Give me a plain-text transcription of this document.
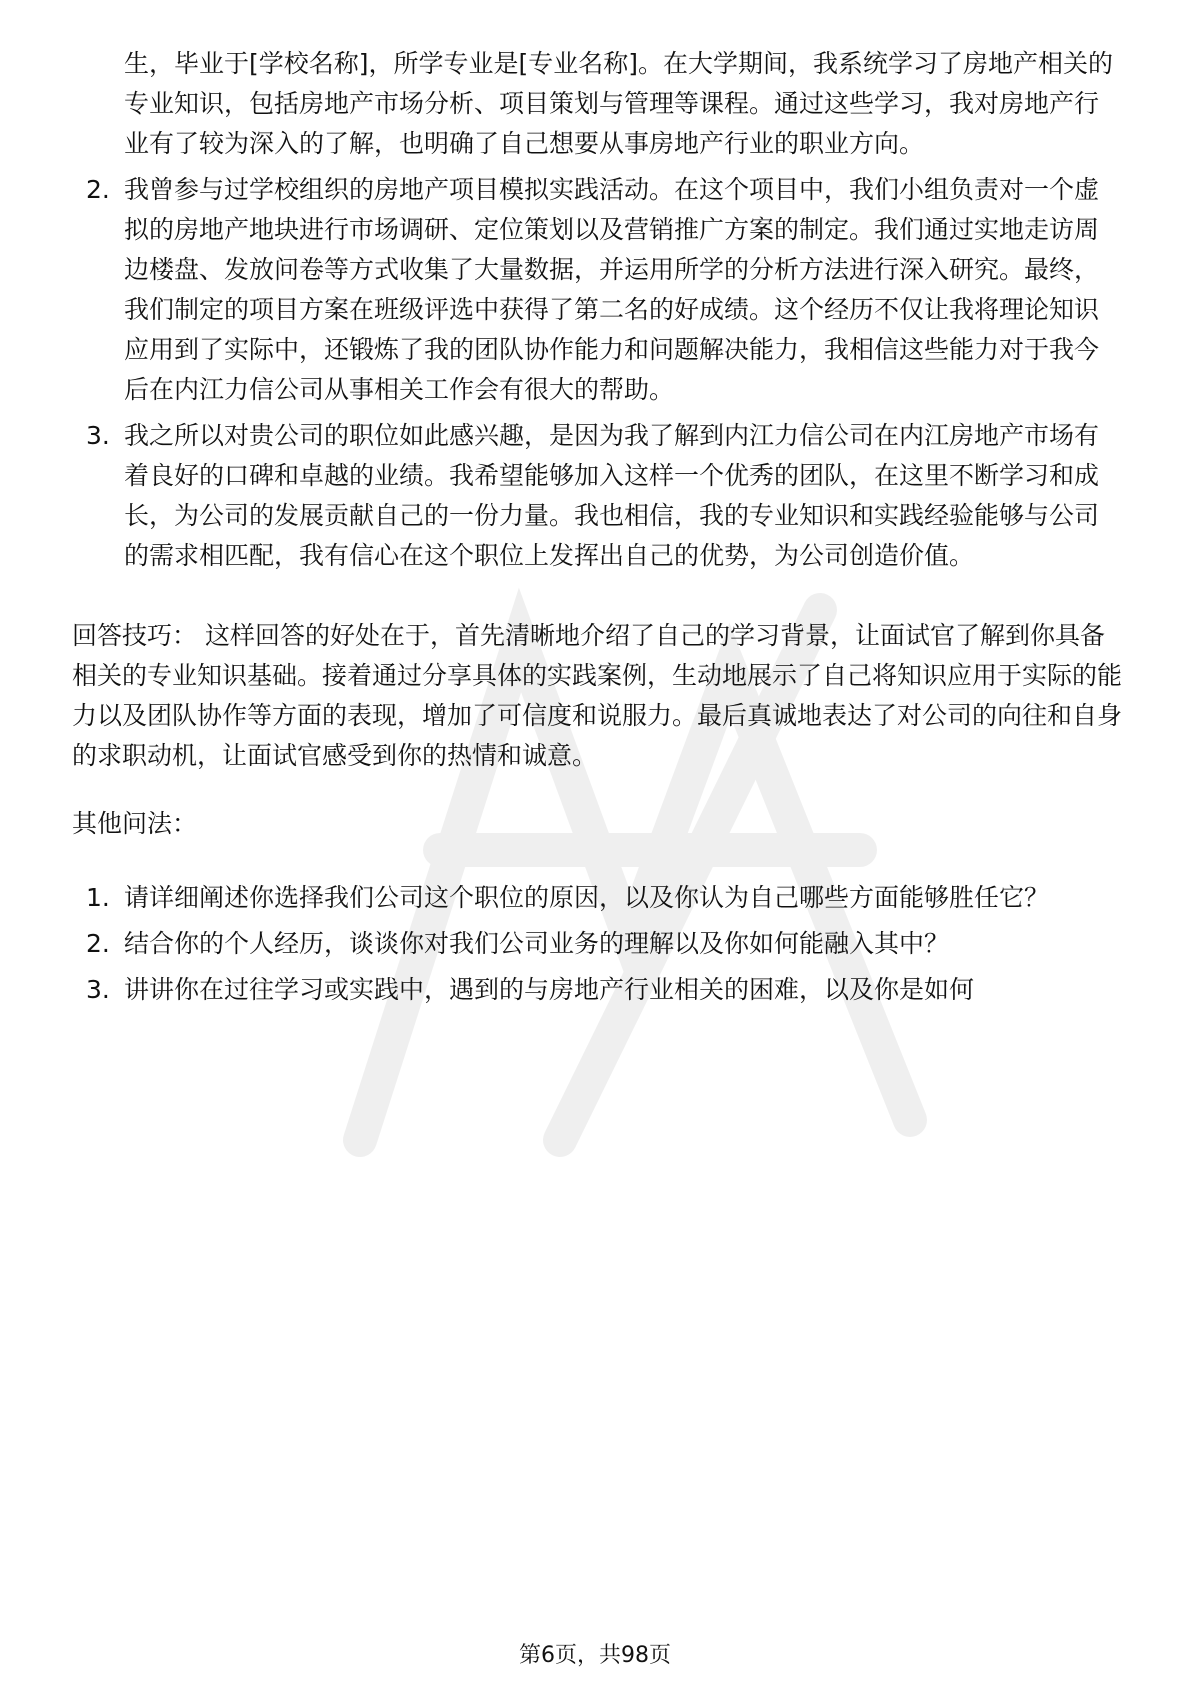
生，毕业于[学校名称]，所学专业是[专业名称]。在大学期间，我系统学习了房地产相关的专业知识，包括房地产市场分析、项目策划与管理等课程。通过这些学习，我对房地产行业有了较为深入的了解，也明确了自己想要从事房地产行业的职业方向。

2. 我曾参与过学校组织的房地产项目模拟实践活动。在这个项目中，我们小组负责对一个虚拟的房地产地块进行市场调研、定位策划以及营销推广方案的制定。我们通过实地走访周边楼盘、发放问卷等方式收集了大量数据，并运用所学的分析方法进行深入研究。最终，我们制定的项目方案在班级评选中获得了第二名的好成绩。这个经历不仅让我将理论知识应用到了实际中，还锻炼了我的团队协作能力和问题解决能力，我相信这些能力对于我今后在内江力信公司从事相关工作会有很大的帮助。

3. 我之所以对贵公司的职位如此感兴趣，是因为我了解到内江力信公司在内江房地产市场有着良好的口碑和卓越的业绩。我希望能够加入这样一个优秀的团队，在这里不断学习和成长，为公司的发展贡献自己的一份力量。我也相信，我的专业知识和实践经验能够与公司的需求相匹配，我有信心在这个职位上发挥出自己的优势，为公司创造价值。

回答技巧： 这样回答的好处在于，首先清晰地介绍了自己的学习背景，让面试官了解到你具备相关的专业知识基础。接着通过分享具体的实践案例，生动地展示了自己将知识应用于实际的能力以及团队协作等方面的表现，增加了可信度和说服力。最后真诚地表达了对公司的向往和自身的求职动机，让面试官感受到你的热情和诚意。

其他问法：

1. 请详细阐述你选择我们公司这个职位的原因，以及你认为自己哪些方面能够胜任它？

2. 结合你的个人经历，谈谈你对我们公司业务的理解以及你如何能融入其中？

3. 讲讲你在过往学习或实践中，遇到的与房地产行业相关的困难，以及你是如何

第6页，共98页
